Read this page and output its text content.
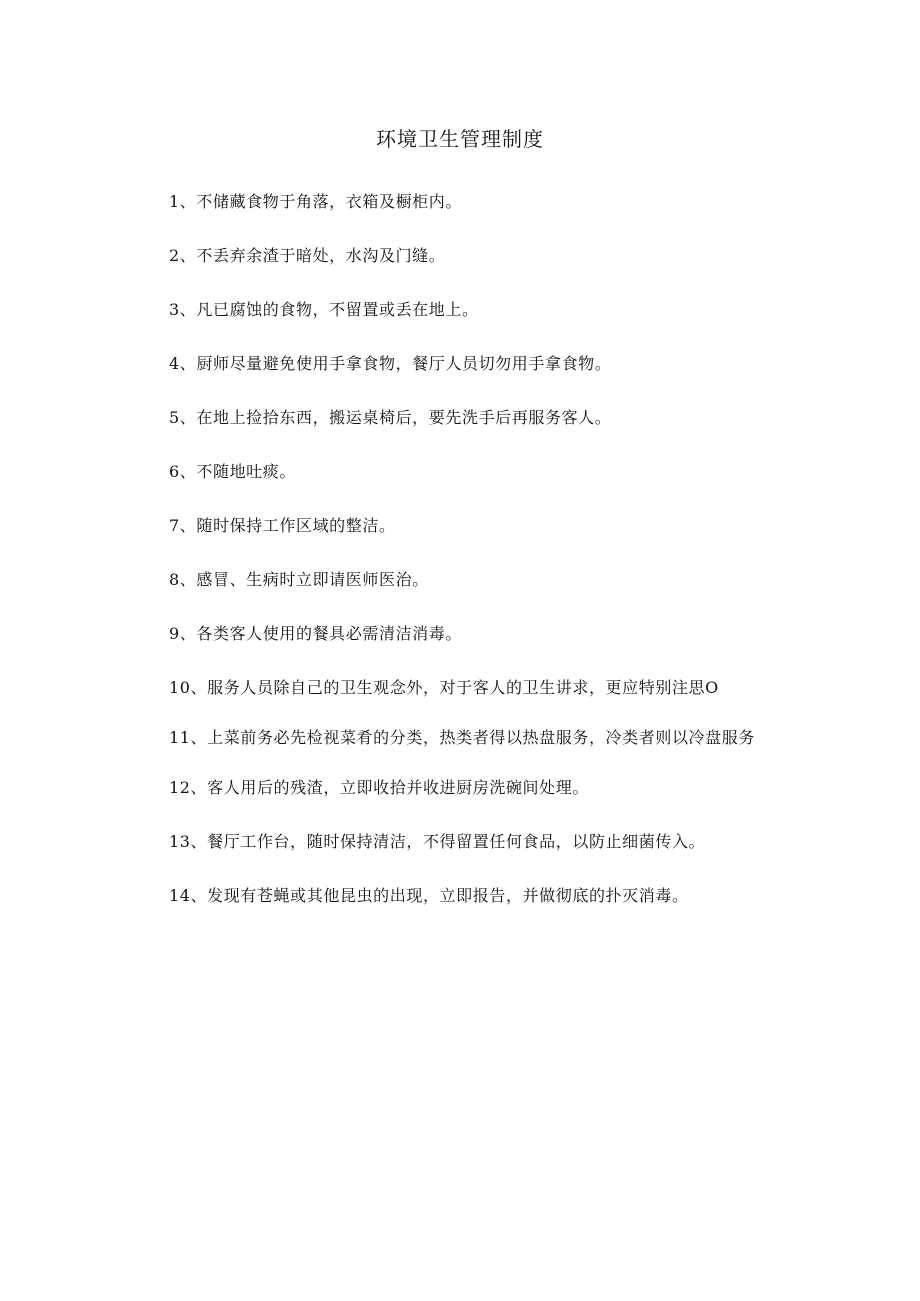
环境卫生管理制度
1、不储藏食物于角落，衣箱及橱柜内。
2、不丢弃余渣于暗处，水沟及门缝。
3、凡已腐蚀的食物，不留置或丢在地上。
4、厨师尽量避免使用手拿食物，餐厅人员切勿用手拿食物。
5、在地上捡拾东西，搬运桌椅后，要先洗手后再服务客人。
6、不随地吐痰。
7、随时保持工作区域的整洁。
8、感冒、生病时立即请医师医治。
9、各类客人使用的餐具必需清洁消毒。
10、服务人员除自己的卫生观念外，对于客人的卫生讲求，更应特别注思O
11、上菜前务必先检视菜肴的分类，热类者得以热盘服务，冷类者则以冷盘服务
12、客人用后的残渣，立即收拾并收进厨房洗碗间处理。
13、餐厅工作台，随时保持清洁，不得留置任何食品，以防止细菌传入。
14、发现有苍蝇或其他昆虫的出现，立即报告，并做彻底的扑灭消毒。
